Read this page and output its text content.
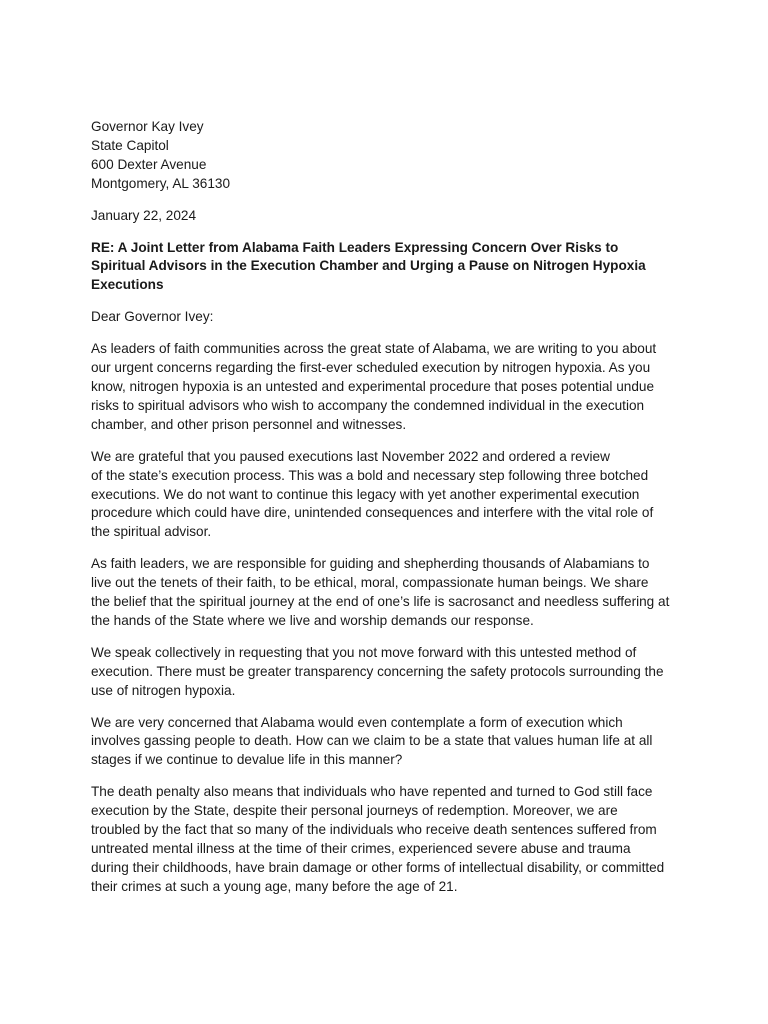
Governor Kay Ivey
State Capitol
600 Dexter Avenue
Montgomery, AL 36130
January 22, 2024
RE: A Joint Letter from Alabama Faith Leaders Expressing Concern Over Risks to
Spiritual Advisors in the Execution Chamber and Urging a Pause on Nitrogen Hypoxia
Executions
Dear Governor Ivey:
As leaders of faith communities across the great state of Alabama, we are writing to you about
our urgent concerns regarding the first-ever scheduled execution by nitrogen hypoxia. As you
know, nitrogen hypoxia is an untested and experimental procedure that poses potential undue
risks to spiritual advisors who wish to accompany the condemned individual in the execution
chamber, and other prison personnel and witnesses.
We are grateful that you paused executions last November 2022 and ordered a review
of the state’s execution process. This was a bold and necessary step following three botched
executions. We do not want to continue this legacy with yet another experimental execution
procedure which could have dire, unintended consequences and interfere with the vital role of
the spiritual advisor.
As faith leaders, we are responsible for guiding and shepherding thousands of Alabamians to
live out the tenets of their faith, to be ethical, moral, compassionate human beings. We share
the belief that the spiritual journey at the end of one’s life is sacrosanct and needless suffering at
the hands of the State where we live and worship demands our response.
We speak collectively in requesting that you not move forward with this untested method of
execution. There must be greater transparency concerning the safety protocols surrounding the
use of nitrogen hypoxia.
We are very concerned that Alabama would even contemplate a form of execution which
involves gassing people to death. How can we claim to be a state that values human life at all
stages if we continue to devalue life in this manner?
The death penalty also means that individuals who have repented and turned to God still face
execution by the State, despite their personal journeys of redemption. Moreover, we are
troubled by the fact that so many of the individuals who receive death sentences suffered from
untreated mental illness at the time of their crimes, experienced severe abuse and trauma
during their childhoods, have brain damage or other forms of intellectual disability, or committed
their crimes at such a young age, many before the age of 21.
